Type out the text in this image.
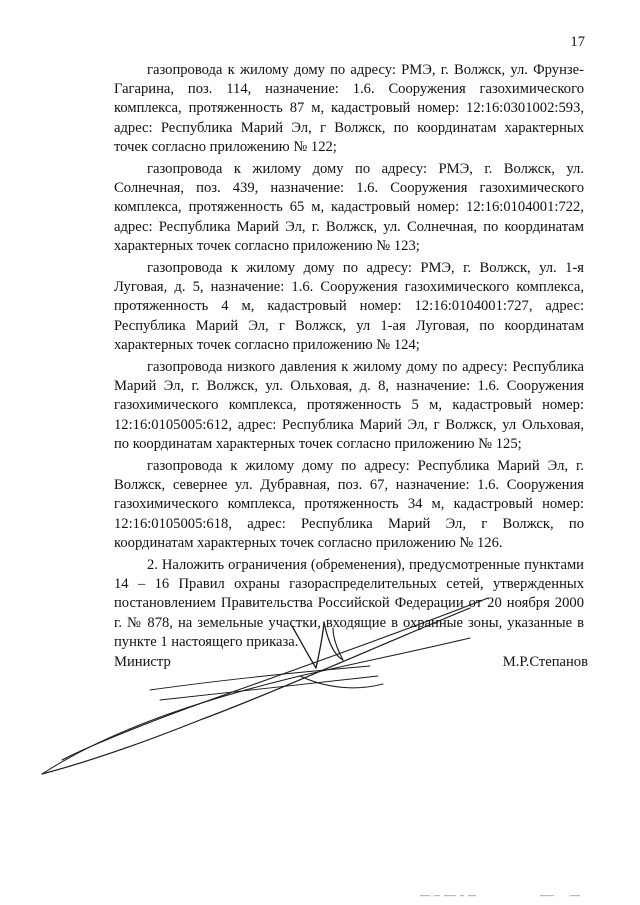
17

газопровода к жилому дому по адресу: РМЭ, г. Волжск, ул. Фрунзе-Гагарина, поз. 114, назначение: 1.6. Сооружения газохимического комплекса, протяженность 87 м, кадастровый номер: 12:16:0301002:593, адрес: Республика Марий Эл, г Волжск, по координатам характерных точек согласно приложению № 122;

газопровода к жилому дому по адресу: РМЭ, г. Волжск, ул. Солнечная, поз. 439, назначение: 1.6. Сооружения газохимического комплекса, протяженность 65 м, кадастровый номер: 12:16:0104001:722, адрес: Республика Марий Эл, г. Волжск, ул. Солнечная, по координатам характерных точек согласно приложению № 123;

газопровода к жилому дому по адресу: РМЭ, г. Волжск, ул. 1-я Луговая, д. 5, назначение: 1.6. Сооружения газохимического комплекса, протяженность 4 м, кадастровый номер: 12:16:0104001:727, адрес: Республика Марий Эл, г Волжск, ул 1-ая Луговая, по координатам характерных точек согласно приложению № 124;

газопровода низкого давления к жилому дому по адресу: Республика Марий Эл, г. Волжск, ул. Ольховая, д. 8, назначение: 1.6. Сооружения газохимического комплекса, протяженность 5 м, кадастровый номер: 12:16:0105005:612, адрес: Республика Марий Эл, г Волжск, ул Ольховая, по координатам характерных точек согласно приложению № 125;

газопровода к жилому дому по адресу: Республика Марий Эл, г. Волжск, севернее ул. Дубравная, поз. 67, назначение: 1.6. Сооружения газохимического комплекса, протяженность 34 м, кадастровый номер: 12:16:0105005:618, адрес: Республика Марий Эл, г Волжск, по координатам характерных точек согласно приложению № 126.

2. Наложить ограничения (обременения), предусмотренные пунктами 14 – 16 Правил охраны газораспределительных сетей, утвержденных постановлением Правительства Российской Федерации от 20 ноября 2000 г. № 878, на земельные участки, входящие в охранные зоны, указанные в пункте 1 настоящего приказа.

Министр	М.Р.Степанов
